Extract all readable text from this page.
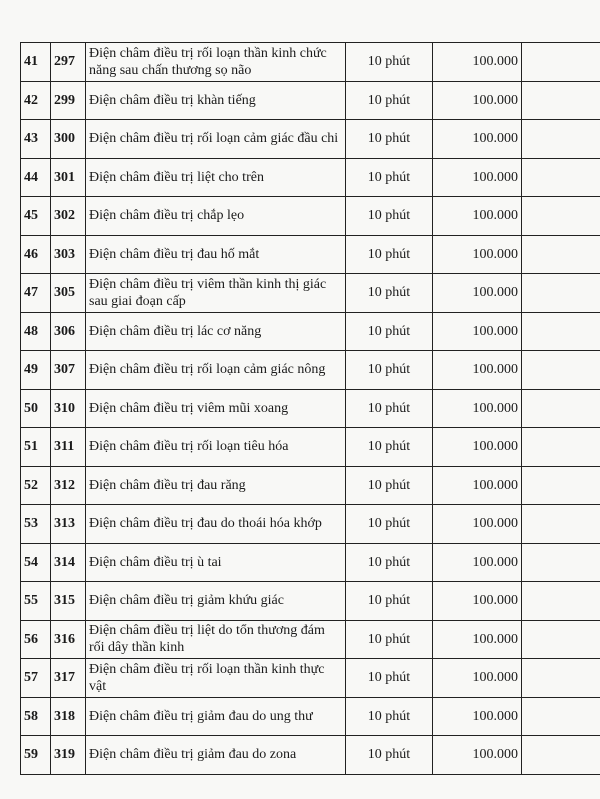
41	297	Điện châm điều trị rối loạn thần kinh chức năng sau chấn thương sọ não	10 phút	100.000	
42	299	Điện châm điều trị khàn tiếng	10 phút	100.000	
43	300	Điện châm điều trị rối loạn cảm giác đầu chi	10 phút	100.000	
44	301	Điện châm điều trị liệt cho trên	10 phút	100.000	
45	302	Điện châm điều trị chắp lẹo	10 phút	100.000	
46	303	Điện châm điều trị đau hố mắt	10 phút	100.000	
47	305	Điện châm điều trị viêm thần kinh thị giác sau giai đoạn cấp	10 phút	100.000	
48	306	Điện châm điều trị lác cơ năng	10 phút	100.000	
49	307	Điện châm điều trị rối loạn cảm giác nông	10 phút	100.000	
50	310	Điện châm điều trị viêm mũi xoang	10 phút	100.000	
51	311	Điện châm điều trị rối loạn tiêu hóa	10 phút	100.000	
52	312	Điện châm điều trị đau răng	10 phút	100.000	
53	313	Điện châm điều trị đau do thoái hóa khớp	10 phút	100.000	
54	314	Điện châm điều trị ù tai	10 phút	100.000	
55	315	Điện châm điều trị giảm khứu giác	10 phút	100.000	
56	316	Điện châm điều trị liệt do tổn thương đám rối dây thần kinh	10 phút	100.000	
57	317	Điện châm điều trị rối loạn thần kinh thực vật	10 phút	100.000	
58	318	Điện châm điều trị giảm đau do ung thư	10 phút	100.000	
59	319	Điện châm điều trị giảm đau do zona	10 phút	100.000	
